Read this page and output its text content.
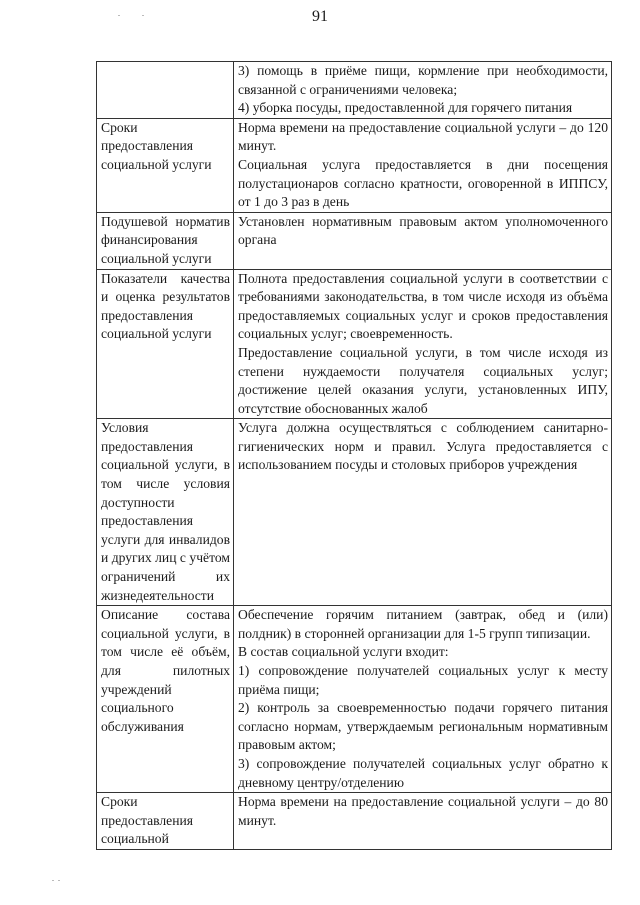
91

	3) помощь в приёме пищи, кормление при необходимости, связанной с ограничениями человека;

4) уборка посуды, предоставленной для горячего питания

Сроки предоставления социальной услуги	Норма времени на предоставление социальной услуги – до 120 минут.

Социальная услуга предоставляется в дни посещения полустационаров согласно кратности, оговоренной в ИППСУ, от 1 до 3 раз в день

Подушевой норматив финансирования социальной услуги	Установлен нормативным правовым актом уполномоченного органа

Показатели качества и оценка результатов предоставления социальной услуги	Полнота предоставления социальной услуги в соответствии с требованиями законодательства, в том числе исходя из объёма предоставляемых социальных услуг и сроков предоставления социальных услуг; своевременность.

Предоставление социальной услуги, в том числе исходя из степени нуждаемости получателя социальных услуг; достижение целей оказания услуги, установленных ИПУ, отсутствие обоснованных жалоб

Условия предоставления социальной услуги, в том числе условия доступности предоставления услуги для инвалидов и других лиц с учётом ограничений их жизнедеятельности	Услуга должна осуществляться с соблюдением санитарно-гигиенических норм и правил. Услуга предоставляется с использованием посуды и столовых приборов учреждения

Описание состава социальной услуги, в том числе её объём, для пилотных учреждений социального обслуживания	Обеспечение горячим питанием (завтрак, обед и (или) полдник) в сторонней организации для 1-5 групп типизации.

В состав социальной услуги входит:

1) сопровождение получателей социальных услуг к месту приёма пищи;

2) контроль за своевременностью подачи горячего питания согласно нормам, утверждаемым региональным нормативным правовым актом;

3) сопровождение получателей социальных услуг обратно к дневному центру/отделению

Сроки предоставления социальной	Норма времени на предоставление социальной услуги – до 80 минут.
